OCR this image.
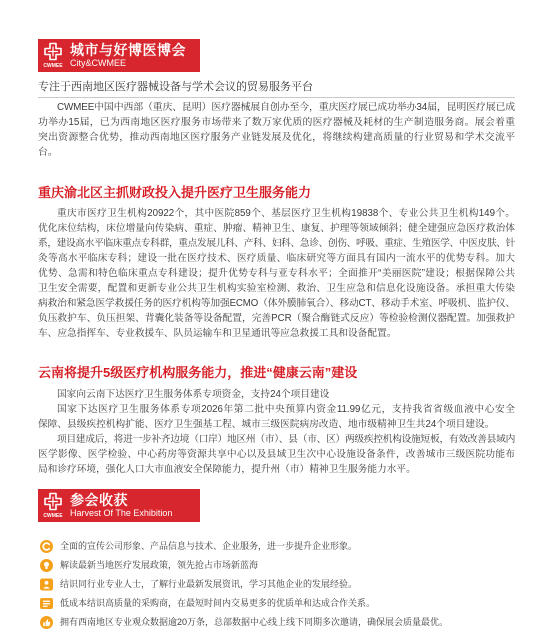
CWMEE
城市与好博医博会
City&CWMEE
专注于西南地区医疗器械设备与学术会议的贸易服务平台
CWMEE中国中西部（重庆、昆明）医疗器械展自创办至今，重庆医疗展已成功举办34届，昆明医疗展已成
功举办15届，已为西南地区医疗服务市场带来了数万家优质的医疗器械及耗材的生产制造服务商。展会着重
突出资源整合优势，推动西南地区医疗服务产业链发展及优化，将继续构建高质量的行业贸易和学术交流平
台。
重庆渝北区主抓财政投入提升医疗卫生服务能力
重庆市医疗卫生机构20922个，其中医院859个、基层医疗卫生机构19838个、专业公共卫生机构149个。
优化床位结构，床位增量向传染病、重症、肿瘤、精神卫生、康复、护理等领域倾斜；健全建强应急医疗救治体
系，建设高水平临床重点专科群，重点发展儿科、产科、妇科、急诊、创伤、呼吸、重症、生殖医学、中医皮肤、针
灸等高水平临床专科；建设一批在医疗技术、医疗质量、临床研究等方面具有国内一流水平的优势专科。加大
优势、急需和特色临床重点专科建设；提升优势专科与亚专科水平；全面推开“美丽医院”建设；根据保障公共
卫生安全需要，配置和更新专业公共卫生机构实验室检测、救治、卫生应急和信息化设施设备。承担重大传染
病救治和紧急医学救援任务的医疗机构等加强ECMO（体外膜肺氧合）、移动CT、移动手术室、呼吸机、监护仪、
负压救护车、负压担架、背囊化装备等设备配置，完善PCR（聚合酶链式反应）等检验检测仪器配置。加强救护
车、应急指挥车、专业救援车、队员运输车和卫星通讯等应急救援工具和设备配置。
云南将提升5级医疗机构服务能力，推进“健康云南”建设
国家向云南下达医疗卫生服务体系专项资金，支持24个项目建设
国家下达医疗卫生服务体系专项2026年第二批中央预算内资金11.99亿元，支持我省省级血液中心安全
保障、县级疾控机构扩能、医疗卫生强基工程、城市三级医院病房改造、地市级精神卫生共24个项目建设。
项目建成后，将进一步补齐边境（口岸）地区州（市）、县（市、区）两级疾控机构设施短板，有效改善县域内
医学影像、医学检验、中心药房等资源共享中心以及县域卫生次中心设施设备条件，改善城市三级医院功能布
局和诊疗环境，强化人口大市血液安全保障能力，提升州（市）精神卫生服务能力水平。
CWMEE
参会收获
Harvest Of The Exhibition
全面的宣传公司形象、产品信息与技术、企业服务，进一步提升企业形象。
解读最新当地医疗发展政策，领先抢占市场新蓝海
结识同行业专业人士，了解行业最新发展资讯，学习其他企业的发展经验。
低成本结识高质量的采购商，在最短时间内交易更多的优质单和达成合作关系。
拥有西南地区专业观众数据逾20万条，总部数据中心线上线下同期多次邀请，确保展会质量最优。
